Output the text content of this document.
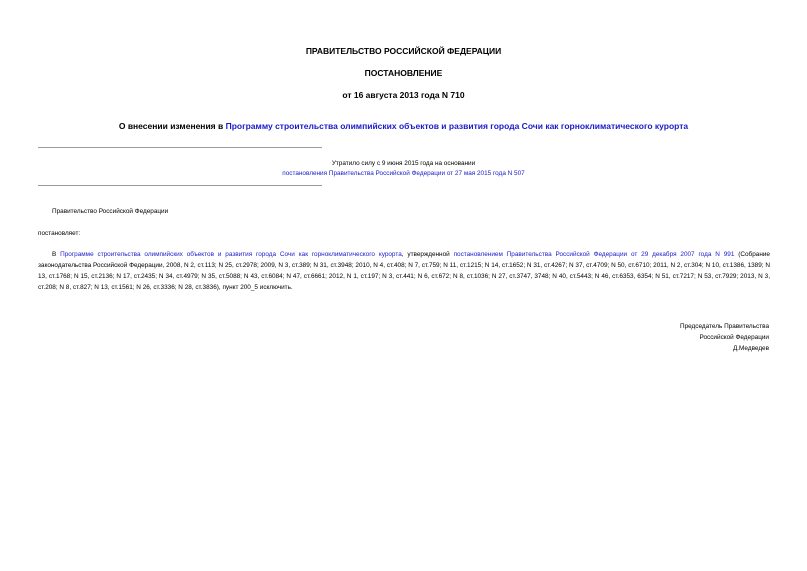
ПРАВИТЕЛЬСТВО РОССИЙСКОЙ ФЕДЕРАЦИИ
ПОСТАНОВЛЕНИЕ
от 16 августа 2013 года N 710
О внесении изменения в Программу строительства олимпийских объектов и развития города Сочи как горноклиматического курорта
Утратило силу с 9 июня 2015 года на основании
постановления Правительства Российской Федерации от 27 мая 2015 года N 507
Правительство Российской Федерации
постановляет:

В Программе строительства олимпийских объектов и развития города Сочи как горноклиматического курорта, утвержденной постановлением Правительства Российской Федерации от 29 декабря 2007 года N 991 (Собрание законодательства Российской Федерации, 2008, N 2, ст.113; N 25, ст.2978; 2009, N 3, ст.389; N 31, ст.3948; 2010, N 4, ст.408; N 7, ст.759; N 11, ст.1215; N 14, ст.1652; N 31, ст.4267; N 37, ст.4709; N 50, ст.6710; 2011, N 2, ст.304; N 10, ст.1386, 1389; N 13, ст.1768; N 15, ст.2136; N 17, ст.2435; N 34, ст.4979; N 35, ст.5088; N 43, ст.6084; N 47, ст.6661; 2012, N 1, ст.197; N 3, ст.441; N 6, ст.672; N 8, ст.1036; N 27, ст.3747, 3748; N 40, ст.5443; N 46, ст.6353, 6354; N 51, ст.7217; N 53, ст.7929; 2013, N 3, ст.208; N 8, ст.827; N 13, ст.1561; N 26, ст.3336; N 28, ст.3836), пункт 200_5 исключить.

Председатель Правительства
Российской Федерации
Д.Медведев
